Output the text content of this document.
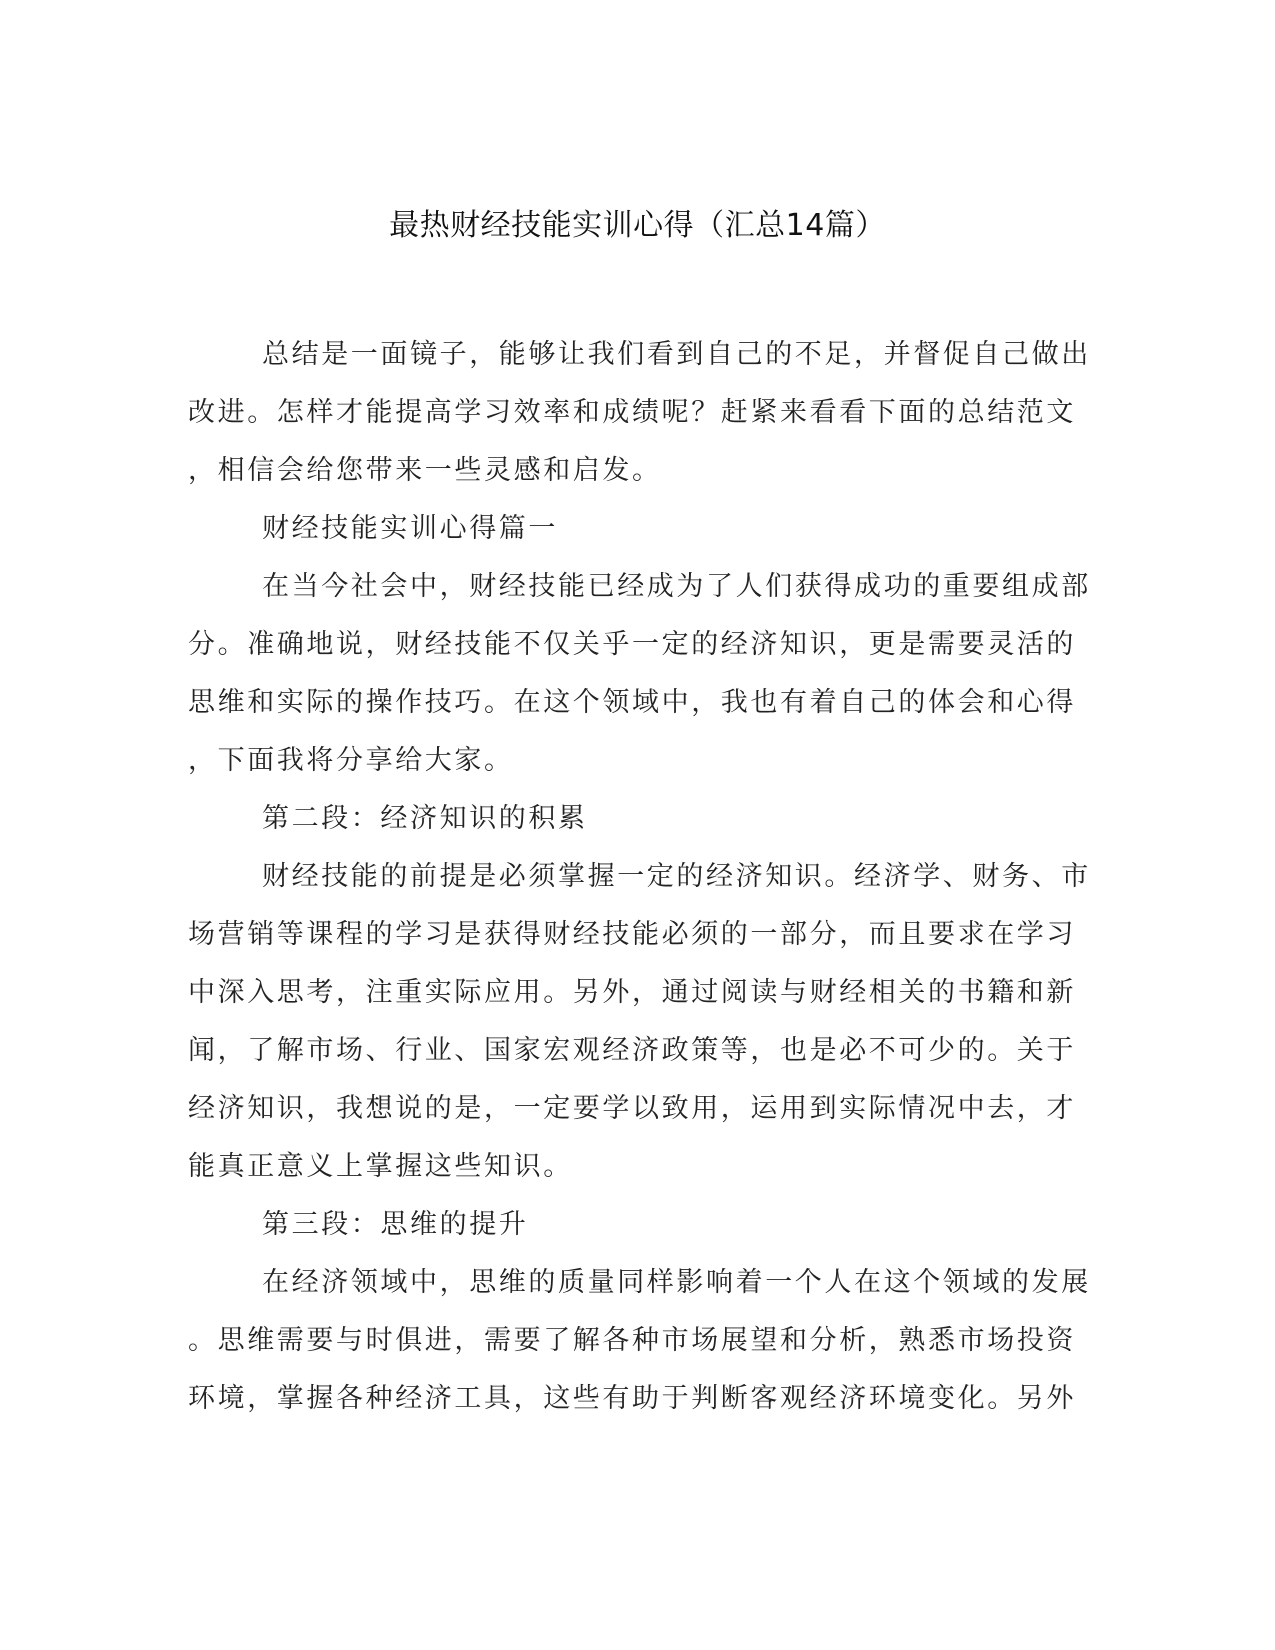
最热财经技能实训心得（汇总14篇）
总结是一面镜子，能够让我们看到自己的不足，并督促自己做出
改进。怎样才能提高学习效率和成绩呢？赶紧来看看下面的总结范文
，相信会给您带来一些灵感和启发。
财经技能实训心得篇一
在当今社会中，财经技能已经成为了人们获得成功的重要组成部
分。准确地说，财经技能不仅关乎一定的经济知识，更是需要灵活的
思维和实际的操作技巧。在这个领域中，我也有着自己的体会和心得
，下面我将分享给大家。
第二段：经济知识的积累
财经技能的前提是必须掌握一定的经济知识。经济学、财务、市
场营销等课程的学习是获得财经技能必须的一部分，而且要求在学习
中深入思考，注重实际应用。另外，通过阅读与财经相关的书籍和新
闻，了解市场、行业、国家宏观经济政策等，也是必不可少的。关于
经济知识，我想说的是，一定要学以致用，运用到实际情况中去，才
能真正意义上掌握这些知识。
第三段：思维的提升
在经济领域中，思维的质量同样影响着一个人在这个领域的发展
。思维需要与时俱进，需要了解各种市场展望和分析，熟悉市场投资
环境，掌握各种经济工具，这些有助于判断客观经济环境变化。另外
